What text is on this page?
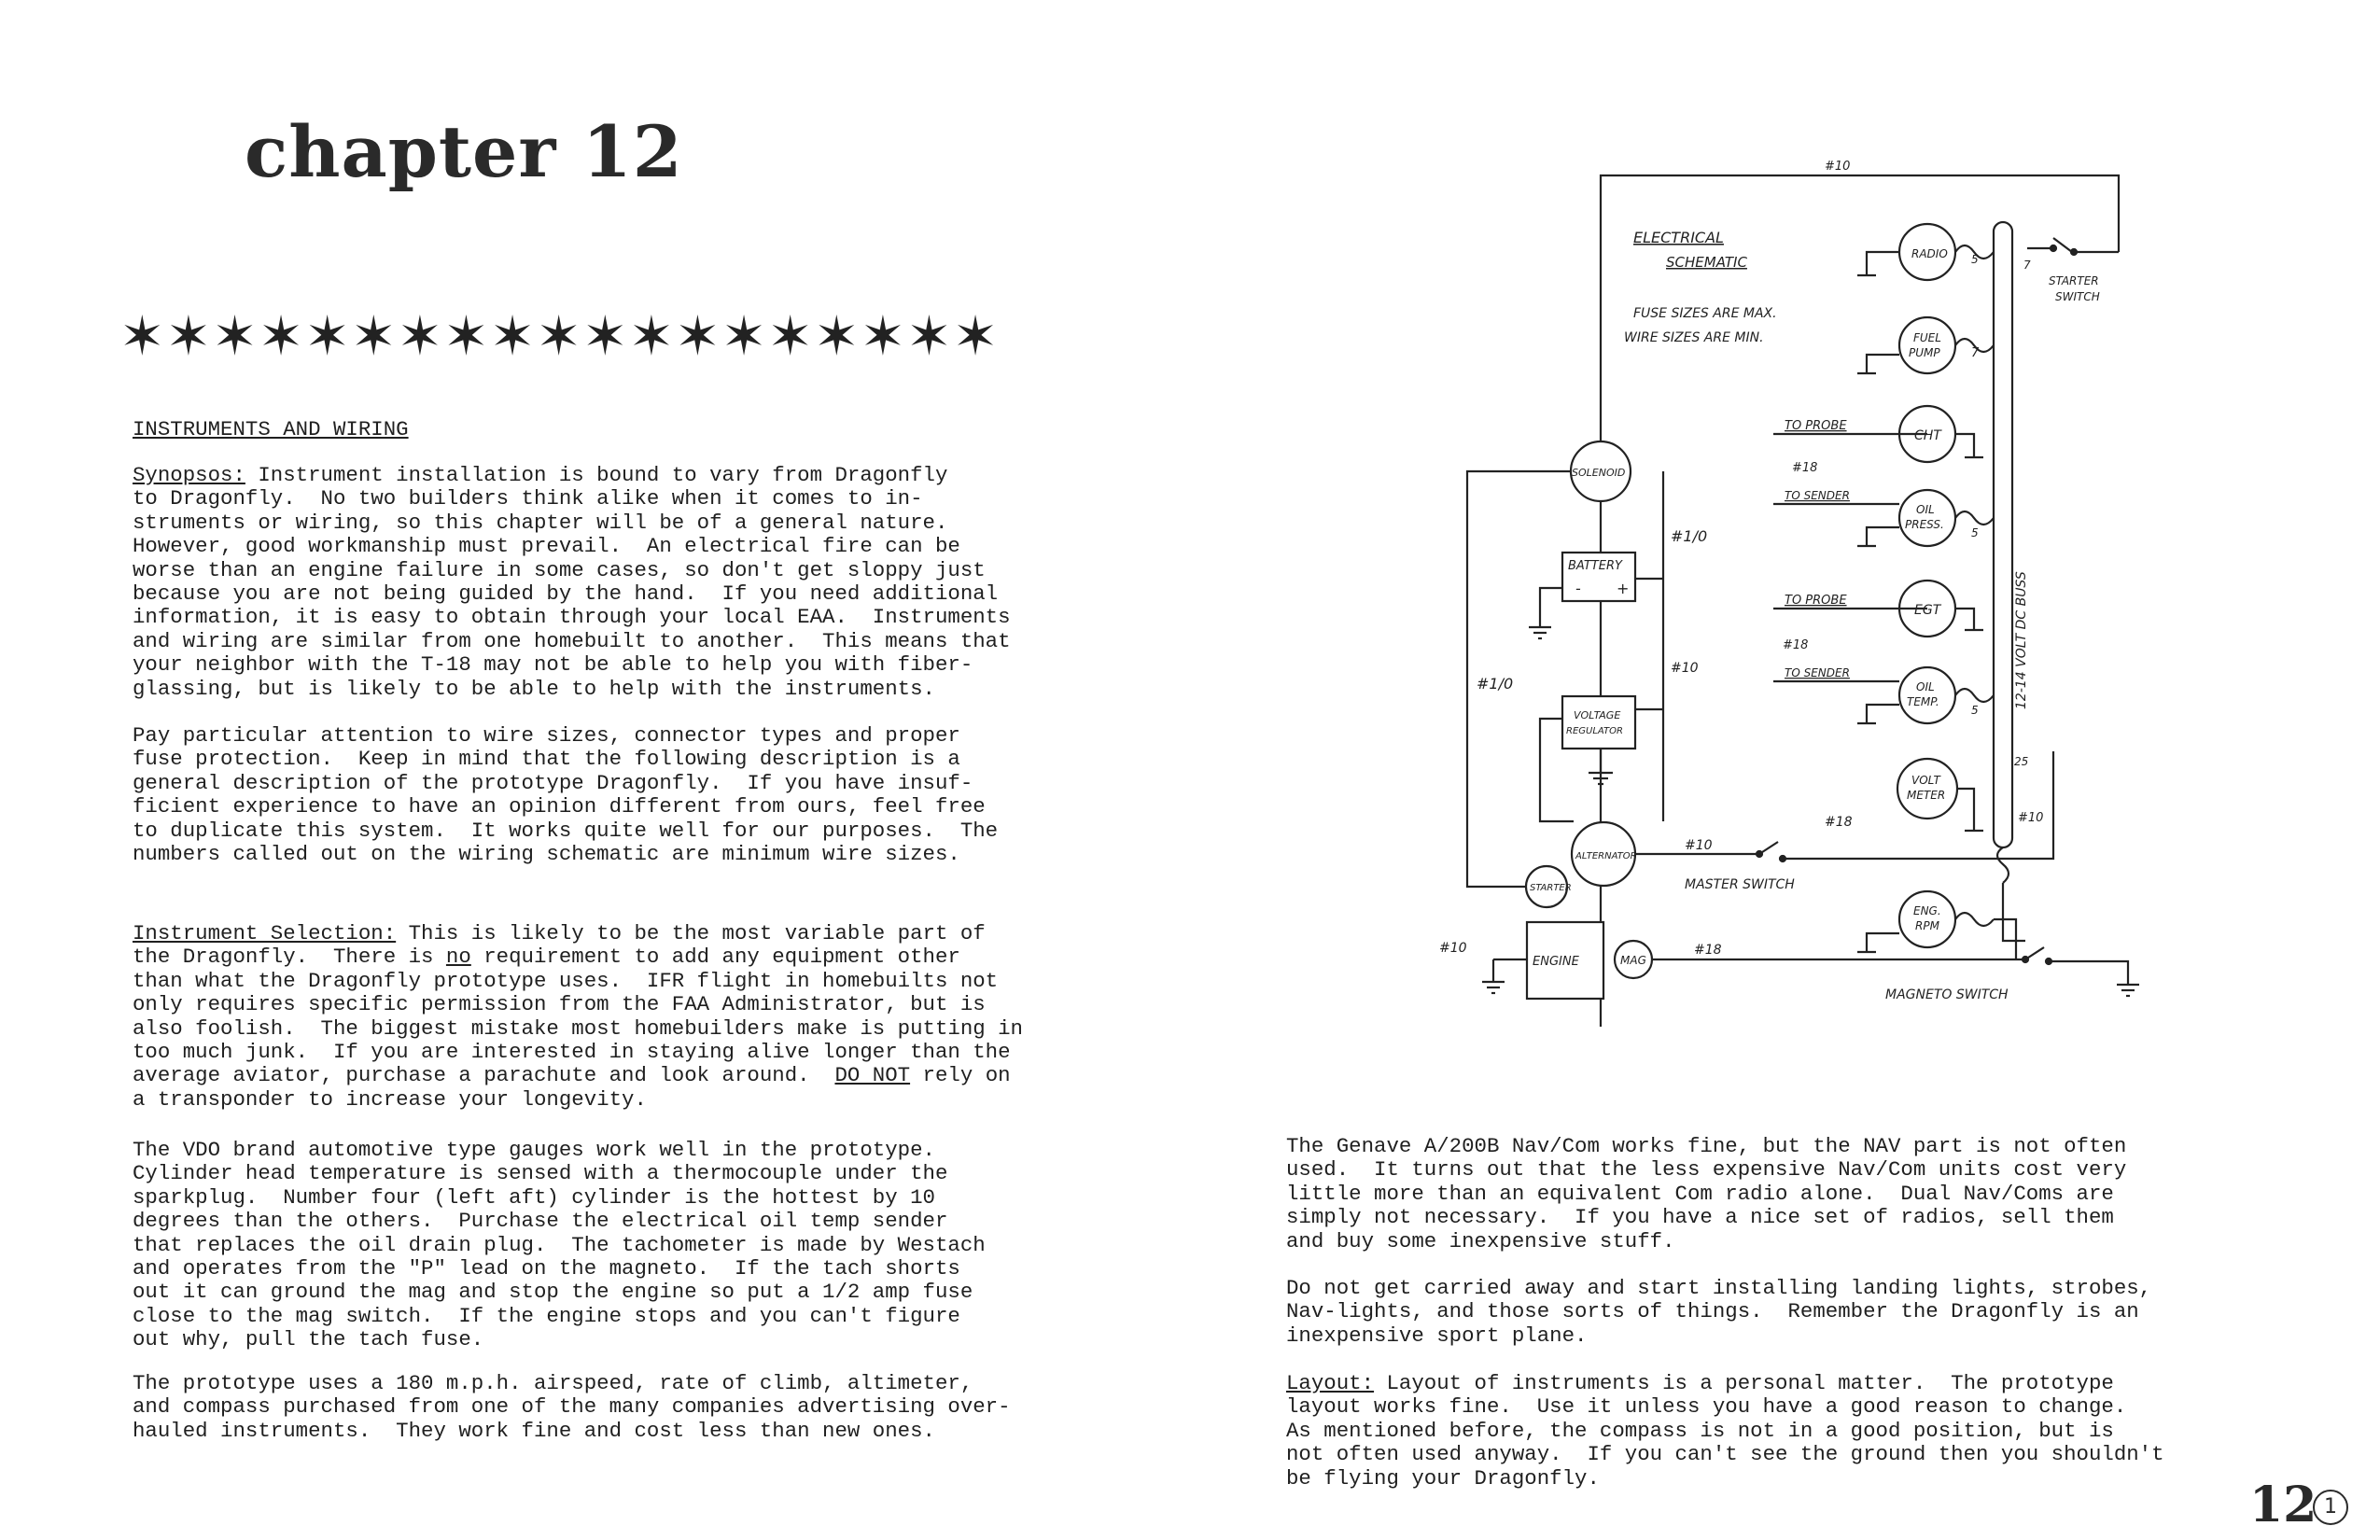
chapter 12
✶✶✶✶✶✶✶✶✶✶✶✶✶✶✶✶✶✶✶
INSTRUMENTS AND WIRING
Synopsos: Instrument installation is bound to vary from Dragonfly
to Dragonfly.  No two builders think alike when it comes to in-
struments or wiring, so this chapter will be of a general nature.
However, good workmanship must prevail.  An electrical fire can be
worse than an engine failure in some cases, so don't get sloppy just
because you are not being guided by the hand.  If you need additional
information, it is easy to obtain through your local EAA.  Instruments
and wiring are similar from one homebuilt to another.  This means that
your neighbor with the T-18 may not be able to help you with fiber-
glassing, but is likely to be able to help with the instruments.
Pay particular attention to wire sizes, connector types and proper
fuse protection.  Keep in mind that the following description is a
general description of the prototype Dragonfly.  If you have insuf-
ficient experience to have an opinion different from ours, feel free
to duplicate this system.  It works quite well for our purposes.  The
numbers called out on the wiring schematic are minimum wire sizes.
Instrument Selection: This is likely to be the most variable part of
the Dragonfly.  There is no requirement to add any equipment other
than what the Dragonfly prototype uses.  IFR flight in homebuilts not
only requires specific permission from the FAA Administrator, but is
also foolish.  The biggest mistake most homebuilders make is putting in
too much junk.  If you are interested in staying alive longer than the
average aviator, purchase a parachute and look around.  DO NOT rely on
a transponder to increase your longevity.
The VDO brand automotive type gauges work well in the prototype.
Cylinder head temperature is sensed with a thermocouple under the
sparkplug.  Number four (left aft) cylinder is the hottest by 10
degrees than the others.  Purchase the electrical oil temp sender
that replaces the oil drain plug.  The tachometer is made by Westach
and operates from the "P" lead on the magneto.  If the tach shorts
out it can ground the mag and stop the engine so put a 1/2 amp fuse
close to the mag switch.  If the engine stops and you can't figure
out why, pull the tach fuse.
The prototype uses a 180 m.p.h. airspeed, rate of climb, altimeter,
and compass purchased from one of the many companies advertising over-
hauled instruments.  They work fine and cost less than new ones.
The Genave A/200B Nav/Com works fine, but the NAV part is not often
used.  It turns out that the less expensive Nav/Com units cost very
little more than an equivalent Com radio alone.  Dual Nav/Coms are
simply not necessary.  If you have a nice set of radios, sell them
and buy some inexpensive stuff.
Do not get carried away and start installing landing lights, strobes,
Nav-lights, and those sorts of things.  Remember the Dragonfly is an
inexpensive sport plane.
Layout: Layout of instruments is a personal matter.  The prototype
layout works fine.  Use it unless you have a good reason to change.
As mentioned before, the compass is not in a good position, but is
not often used anyway.  If you can't see the ground then you shouldn't
be flying your Dragonfly.
ELECTRICAL
SCHEMATIC
FUSE SIZES ARE MAX.
WIRE SIZES ARE MIN.
RADIO
FUEL
PUMP
CHT
OIL
PRESS.
EGT
OIL
TEMP.
VOLT
METER
ENG.
RPM
SOLENOID
BATTERY
- +
VOLTAGE
REGULATOR
ALTERNATOR
STARTER
ENGINE	MAG
STARTER
SWITCH
MASTER SWITCH
MAGNETO SWITCH
12-14 VOLT DC BUSS
TO PROBE
TO SENDER
TO PROBE
TO SENDER
#10
#1/0
#1/0
#10
#10
#10	#18
#18
#18
#18	#10
5	7
7
5
5
25
12 1
